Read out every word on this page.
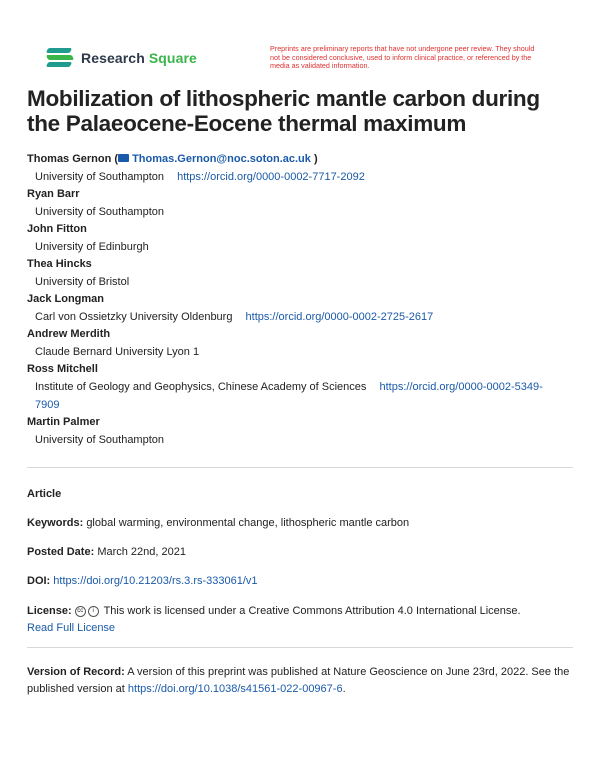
Research Square
Preprints are preliminary reports that have not undergone peer review. They should not be considered conclusive, used to inform clinical practice, or referenced by the media as validated information.
Mobilization of lithospheric mantle carbon during the Palaeocene-Eocene thermal maximum
Thomas Gernon ( Thomas.Gernon@noc.soton.ac.uk )
University of Southampton https://orcid.org/0000-0002-7717-2092
Ryan Barr
University of Southampton
John Fitton
University of Edinburgh
Thea Hincks
University of Bristol
Jack Longman
Carl von Ossietzky University Oldenburg https://orcid.org/0000-0002-2725-2617
Andrew Merdith
Claude Bernard University Lyon 1
Ross Mitchell
Institute of Geology and Geophysics, Chinese Academy of Sciences https://orcid.org/0000-0002-5349-
7909
Martin Palmer
University of Southampton
Article
Keywords: global warming, environmental change, lithospheric mantle carbon
Posted Date: March 22nd, 2021
DOI: https://doi.org/10.21203/rs.3.rs-333061/v1
License: cc i This work is licensed under a Creative Commons Attribution 4.0 International License.
Read Full License
Version of Record: A version of this preprint was published at Nature Geoscience on June 23rd, 2022. See the published version at https://doi.org/10.1038/s41561-022-00967-6.
